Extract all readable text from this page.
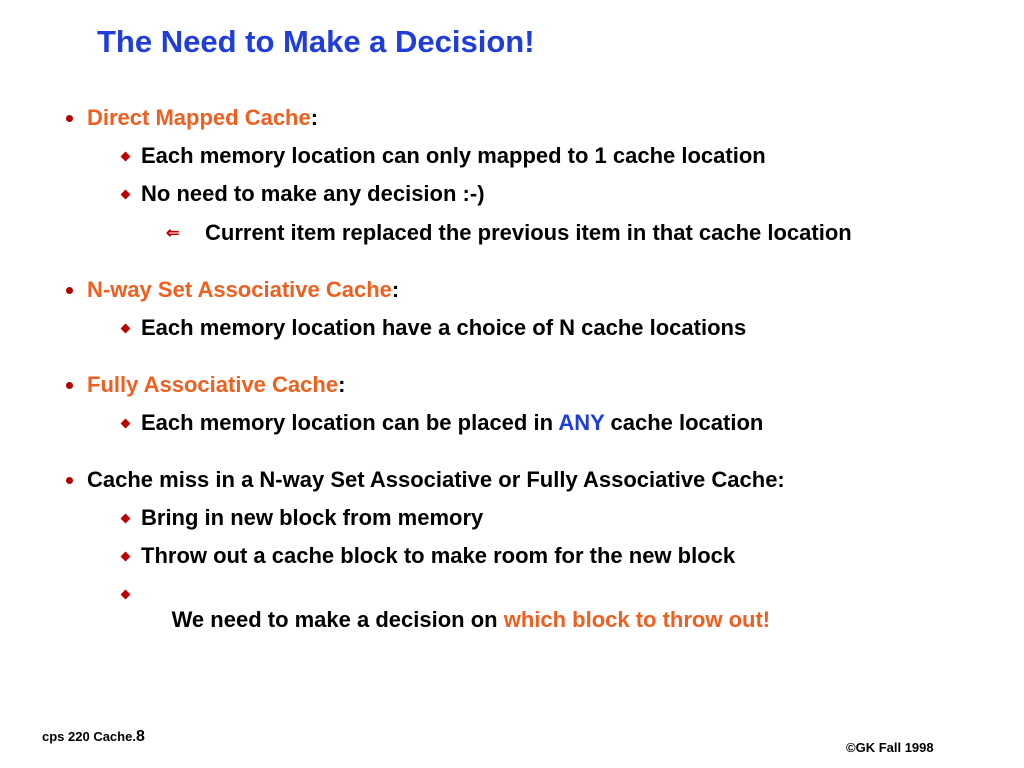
The Need to Make a Decision!
Direct Mapped Cache:
Each memory location can only mapped to 1 cache location
No need to make any decision :-)
⇐ Current item replaced the previous item in that cache location
N-way Set Associative Cache:
Each memory location have a choice of N cache locations
Fully Associative Cache:
Each memory location can be placed in ANY cache location
Cache miss in a N-way Set Associative or Fully Associative Cache:
Bring in new block from memory
Throw out a cache block to make room for the new block

We need to make a decision on which block to throw out!

cps 220 Cache.8
©GK Fall 1998
